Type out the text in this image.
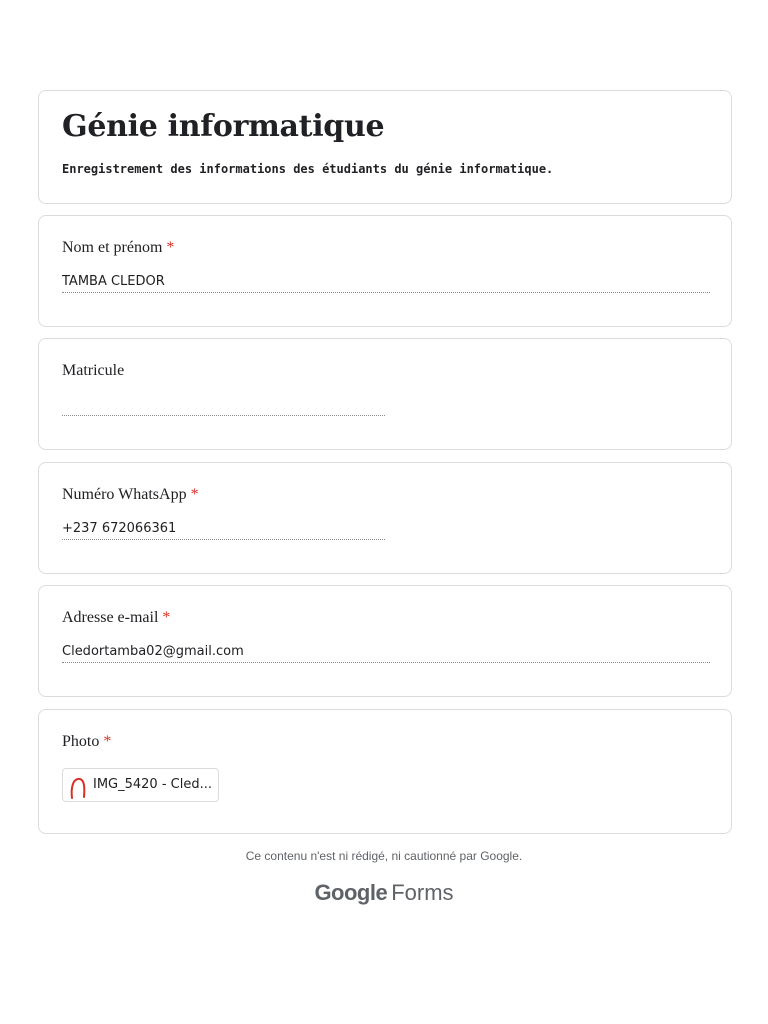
Génie informatique

Enregistrement des informations des étudiants du génie informatique.

Nom et prénom *
TAMBA CLEDOR
Matricule
Numéro WhatsApp *
+237 672066361
Adresse e-mail *
Cledortamba02@gmail.com
Photo *
IMG_5420 - Cled...
Ce contenu n'est ni rédigé, ni cautionné par Google.
Google Forms
